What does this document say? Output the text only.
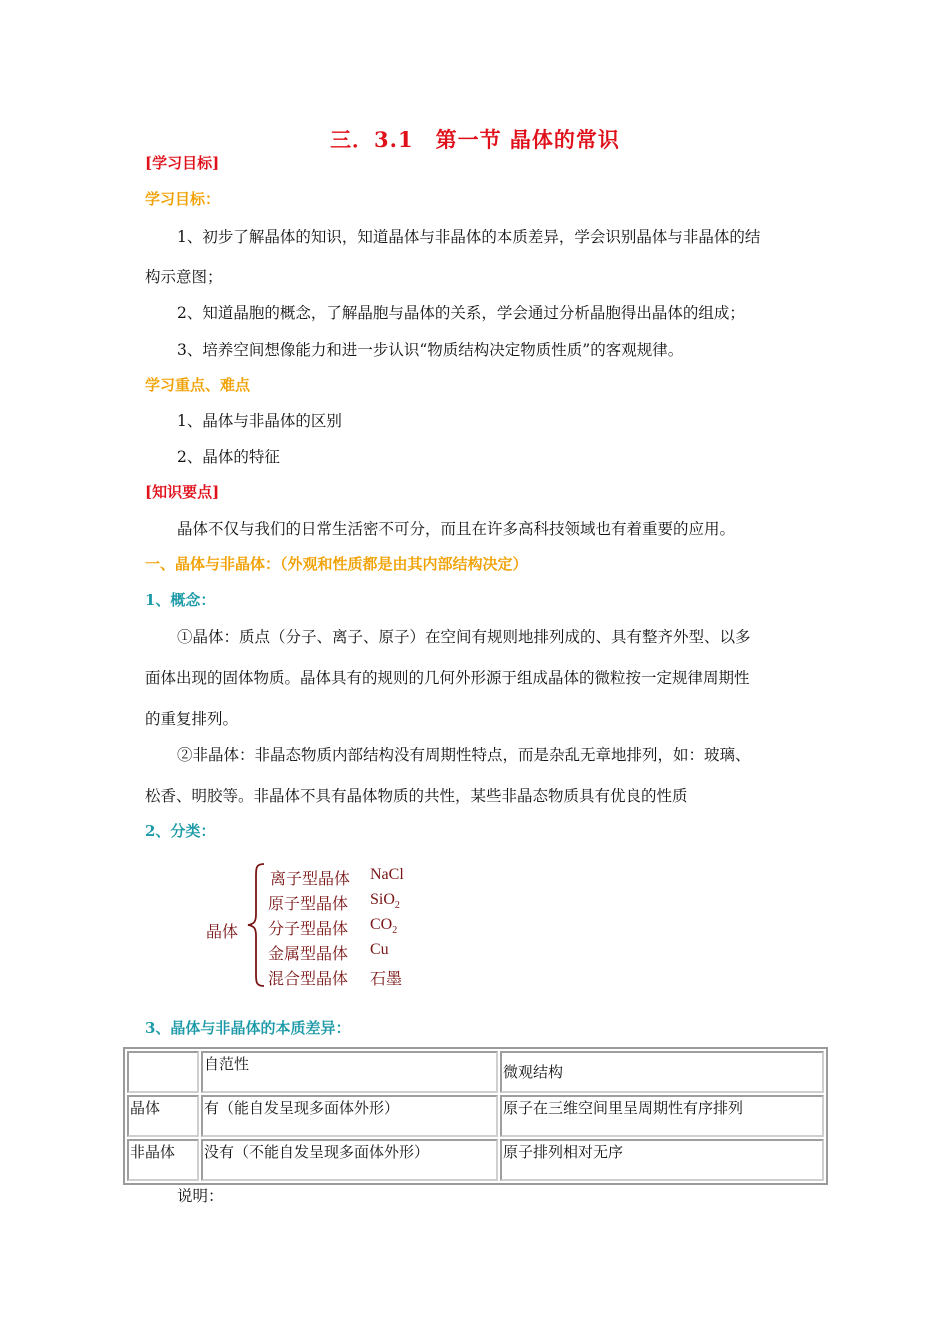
三．3.1　第一节 晶体的常识
[学习目标]
学习目标：
1、初步了解晶体的知识，知道晶体与非晶体的本质差异，学会识别晶体与非晶体的结
构示意图；
2、知道晶胞的概念，了解晶胞与晶体的关系，学会通过分析晶胞得出晶体的组成；
3、培养空间想像能力和进一步认识“物质结构决定物质性质”的客观规律。
学习重点、难点
1、晶体与非晶体的区别
2、晶体的特征
[知识要点]
晶体不仅与我们的日常生活密不可分，而且在许多高科技领域也有着重要的应用。
一、晶体与非晶体：（外观和性质都是由其内部结构决定）
1、概念：
①晶体：质点（分子、离子、原子）在空间有规则地排列成的、具有整齐外型、以多
面体出现的固体物质。晶体具有的规则的几何外形源于组成晶体的微粒按一定规律周期性
的重复排列。
②非晶体：非晶态物质内部结构没有周期性特点，而是杂乱无章地排列，如：玻璃、
松香、明胶等。非晶体不具有晶体物质的共性，某些非晶态物质具有优良的性质
2、分类：
晶体
离子型晶体 NaCl
原子型晶体 SiO$_2$
分子型晶体 $CO_2$
金属型晶体 Cu
混合型晶体 石墨
3、晶体与非晶体的本质差异：
	自范性	微观结构

晶体	有（能自发呈现多面体外形）	原子在三维空间里呈周期性有序排列
非晶体	没有（不能自发呈现多面体外形）	原子排列相对无序
说明：
